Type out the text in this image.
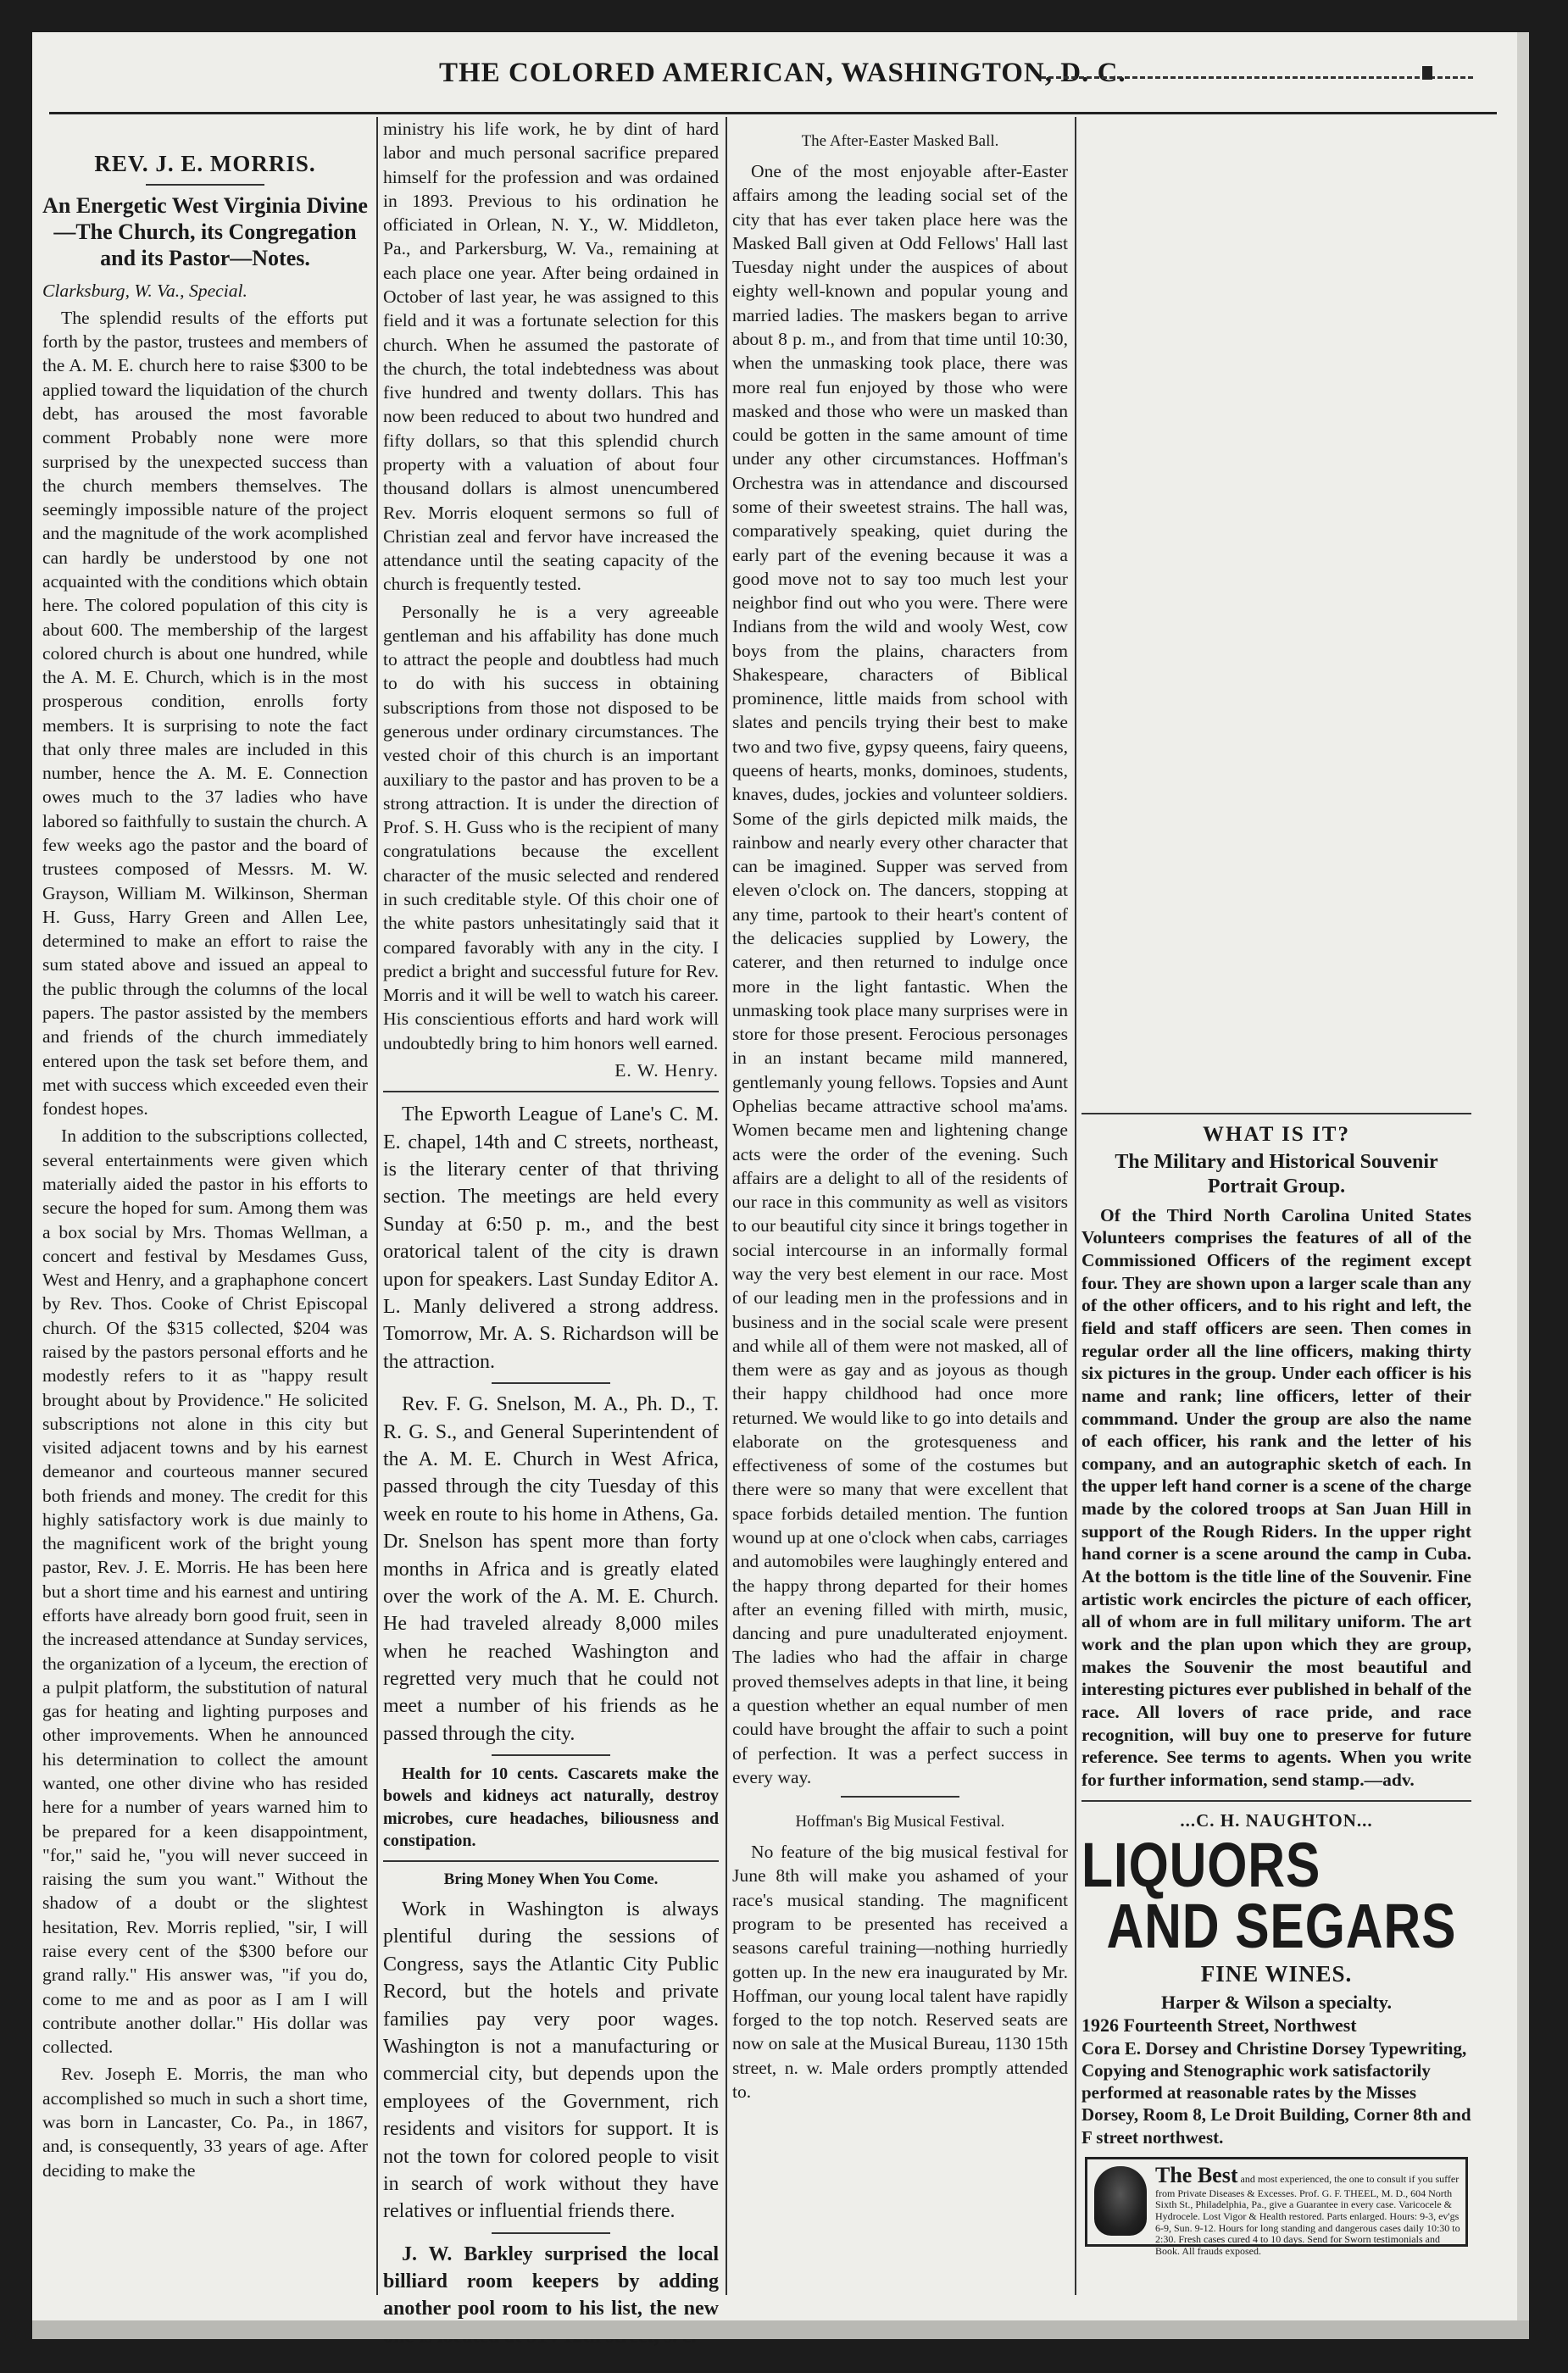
THE COLORED AMERICAN, WASHINGTON, D. C.
REV. J. E. MORRIS.
An Energetic West Virginia Divine—The Church, its Congregation and its Pastor—Notes.

Clarksburg, W. Va., Special.

The splendid results of the efforts put forth by the pastor, trustees and members of the A. M. E. church here to raise $300 to be applied toward the liquidation of the church debt, has aroused the most favorable comment Probably none were more surprised by the unexpected success than the church members themselves. The seemingly impossible nature of the project and the magnitude of the work acomplished can hardly be understood by one not acquainted with the conditions which obtain here. The colored population of this city is about 600. The membership of the largest colored church is about one hundred, while the A. M. E. Church, which is in the most prosperous condition, enrolls forty members. It is surprising to note the fact that only three males are included in this number, hence the A. M. E. Connection owes much to the 37 ladies who have labored so faithfully to sustain the church. A few weeks ago the pastor and the board of trustees composed of Messrs. M. W. Grayson, William M. Wilkinson, Sherman H. Guss, Harry Green and Allen Lee, determined to make an effort to raise the sum stated above and issued an appeal to the public through the columns of the local papers. The pastor assisted by the members and friends of the church immediately entered upon the task set before them, and met with success which exceeded even their fondest hopes.

In addition to the subscriptions collected, several entertainments were given which materially aided the pastor in his efforts to secure the hoped for sum. Among them was a box social by Mrs. Thomas Wellman, a concert and festival by Mesdames Guss, West and Henry, and a graphaphone concert by Rev. Thos. Cooke of Christ Episcopal church. Of the $315 collected, $204 was raised by the pastors personal efforts and he modestly refers to it as "happy result brought about by Providence." He solicited subscriptions not alone in this city but visited adjacent towns and by his earnest demeanor and courteous manner secured both friends and money. The credit for this highly satisfactory work is due mainly to the magnificent work of the bright young pastor, Rev. J. E. Morris. He has been here but a short time and his earnest and untiring efforts have already born good fruit, seen in the increased attendance at Sunday services, the organization of a lyceum, the erection of a pulpit platform, the substitution of natural gas for heating and lighting purposes and other improvements. When he announced his determination to collect the amount wanted, one other divine who has resided here for a number of years warned him to be prepared for a keen disappointment, "for," said he, "you will never succeed in raising the sum you want." Without the shadow of a doubt or the slightest hesitation, Rev. Morris replied, "sir, I will raise every cent of the $300 before our grand rally." His answer was, "if you do, come to me and as poor as I am I will contribute another dollar." His dollar was collected.

Rev. Joseph E. Morris, the man who accomplished so much in such a short time, was born in Lancaster, Co. Pa., in 1867, and, is consequently, 33 years of age. After deciding to make the

ministry his life work, he by dint of hard labor and much personal sacrifice prepared himself for the profession and was ordained in 1893. Previous to his ordination he officiated in Orlean, N. Y., W. Middleton, Pa., and Parkersburg, W. Va., remaining at each place one year. After being ordained in October of last year, he was assigned to this field and it was a fortunate selection for this church. When he assumed the pastorate of the church, the total indebtedness was about five hundred and twenty dollars. This has now been reduced to about two hundred and fifty dollars, so that this splendid church property with a valuation of about four thousand dollars is almost unencumbered Rev. Morris eloquent sermons so full of Christian zeal and fervor have increased the attendance until the seating capacity of the church is frequently tested.

Personally he is a very agreeable gentleman and his affability has done much to attract the people and doubtless had much to do with his success in obtaining subscriptions from those not disposed to be generous under ordinary circumstances. The vested choir of this church is an important auxiliary to the pastor and has proven to be a strong attraction. It is under the direction of Prof. S. H. Guss who is the recipient of many congratulations because the excellent character of the music selected and rendered in such creditable style. Of this choir one of the white pastors unhesitatingly said that it compared favorably with any in the city. I predict a bright and successful future for Rev. Morris and it will be well to watch his career. His conscientious efforts and hard work will undoubtedly bring to him honors well earned.

E. W. Henry.

The Epworth League of Lane's C. M. E. chapel, 14th and C streets, northeast, is the literary center of that thriving section. The meetings are held every Sunday at 6:50 p. m., and the best oratorical talent of the city is drawn upon for speakers. Last Sunday Editor A. L. Manly delivered a strong address. Tomorrow, Mr. A. S. Richardson will be the attraction.

Rev. F. G. Snelson, M. A., Ph. D., T. R. G. S., and General Superintendent of the A. M. E. Church in West Africa, passed through the city Tuesday of this week en route to his home in Athens, Ga. Dr. Snelson has spent more than forty months in Africa and is greatly elated over the work of the A. M. E. Church. He had traveled already 8,000 miles when he reached Washington and regretted very much that he could not meet a number of his friends as he passed through the city.

Health for 10 cents. Cascarets make the bowels and kidneys act naturally, destroy microbes, cure headaches, biliousness and constipation.

Bring Money When You Come.

Work in Washington is always plentiful during the sessions of Congress, says the Atlantic City Public Record, but the hotels and private families pay very poor wages. Washington is not a manufacturing or commercial city, but depends upon the employees of the Government, rich residents and visitors for support. It is not the town for colored people to visit in search of work without they have relatives or influential friends there.

J. W. Barkley surprised the local billiard room keepers by adding another pool room to his list, the new

The After-Easter Masked Ball.

One of the most enjoyable after-Easter affairs among the leading social set of the city that has ever taken place here was the Masked Ball given at Odd Fellows' Hall last Tuesday night under the auspices of about eighty well-known and popular young and married ladies. The maskers began to arrive about 8 p. m., and from that time until 10:30, when the unmasking took place, there was more real fun enjoyed by those who were masked and those who were un masked than could be gotten in the same amount of time under any other circumstances. Hoffman's Orchestra was in attendance and discoursed some of their sweetest strains. The hall was, comparatively speaking, quiet during the early part of the evening because it was a good move not to say too much lest your neighbor find out who you were. There were Indians from the wild and wooly West, cow boys from the plains, characters from Shakespeare, characters of Biblical prominence, little maids from school with slates and pencils trying their best to make two and two five, gypsy queens, fairy queens, queens of hearts, monks, dominoes, students, knaves, dudes, jockies and volunteer soldiers. Some of the girls depicted milk maids, the rainbow and nearly every other character that can be imagined. Supper was served from eleven o'clock on. The dancers, stopping at any time, partook to their heart's content of the delicacies supplied by Lowery, the caterer, and then returned to indulge once more in the light fantastic. When the unmasking took place many surprises were in store for those present. Ferocious personages in an instant became mild mannered, gentlemanly young fellows. Topsies and Aunt Ophelias became attractive school ma'ams. Women became men and lightening change acts were the order of the evening. Such affairs are a delight to all of the residents of our race in this community as well as visitors to our beautiful city since it brings together in social intercourse in an informally formal way the very best element in our race. Most of our leading men in the professions and in business and in the social scale were present and while all of them were not masked, all of them were as gay and as joyous as though their happy childhood had once more returned. We would like to go into details and elaborate on the grotesqueness and effectiveness of some of the costumes but there were so many that were excellent that space forbids detailed mention. The funtion wound up at one o'clock when cabs, carriages and automobiles were laughingly entered and the happy throng departed for their homes after an evening filled with mirth, music, dancing and pure unadulterated enjoyment. The ladies who had the affair in charge proved themselves adepts in that line, it being a question whether an equal number of men could have brought the affair to such a point of perfection. It was a perfect success in every way.

Hoffman's Big Musical Festival.

No feature of the big musical festival for June 8th will make you ashamed of your race's musical standing. The magnificent program to be presented has received a seasons careful training—nothing hurriedly gotten up. In the new era inaugurated by Mr. Hoffman, our young local talent have rapidly forged to the top notch. Reserved seats are now on sale at the Musical Bureau, 1130 15th street, n. w. Male orders promptly attended to.

WHAT IS IT?
The Military and Historical Souvenir Portrait Group.

Of the Third North Carolina United States Volunteers comprises the features of all of the Commissioned Officers of the regiment except four. They are shown upon a larger scale than any of the other officers, and to his right and left, the field and staff officers are seen. Then comes in regular order all the line officers, making thirty six pictures in the group. Under each officer is his name and rank; line officers, letter of their commmand. Under the group are also the name of each officer, his rank and the letter of his company, and an autographic sketch of each. In the upper left hand corner is a scene of the charge made by the colored troops at San Juan Hill in support of the Rough Riders. In the upper right hand corner is a scene around the camp in Cuba. At the bottom is the title line of the Souvenir. Fine artistic work encircles the picture of each officer, all of whom are in full military uniform. The art work and the plan upon which they are group, makes the Souvenir the most beautiful and interesting pictures ever published in behalf of the race. All lovers of race pride, and race recognition, will buy one to preserve for future reference. See terms to agents. When you write for further information, send stamp.—adv.

...C. H. NAUGHTON...
LIQUORS
AND SEGARS
FINE WINES.
Harper & Wilson a specialty.
1926 Fourteenth Street, Northwest
Cora E. Dorsey and Christine Dorsey Typewriting, Copying and Stenographic work satisfactorily performed at reasonable rates by the Misses Dorsey, Room 8, Le Droit Building, Corner 8th and F street northwest.
The Best and most experienced, the one to consult if you suffer from Private Diseases & Excesses. Prof. G. F. THEEL, M. D., 604 North Sixth St., Philadelphia, Pa., give a Guarantee in every case. Varicocele & Hydrocele. Lost Vigor & Health restored. Parts enlarged. Hours: 9-3, ev'gs 6-9, Sun. 9-12. Hours for long standing and dangerous cases daily 10:30 to 2:30. Fresh cases cured 4 to 10 days. Send for Sworn testimonials and Book. All frauds exposed.
